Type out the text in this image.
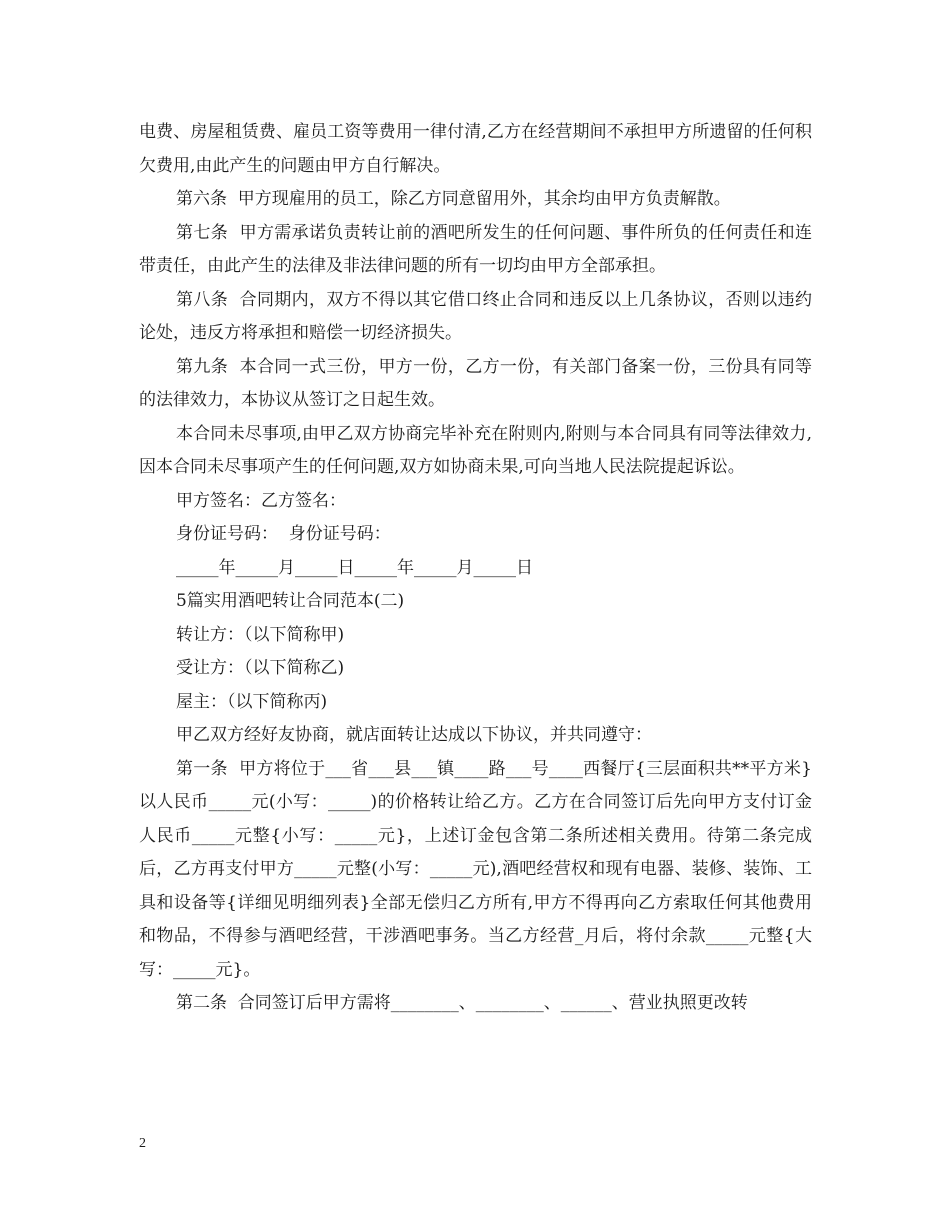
电费、房屋租赁费、雇员工资等费用一律付清,乙方在经营期间不承担甲方所遗留的任何积欠费用,由此产生的问题由甲方自行解决。

第六条  甲方现雇用的员工，除乙方同意留用外，其余均由甲方负责解散。

第七条  甲方需承诺负责转让前的酒吧所发生的任何问题、事件所负的任何责任和连带责任，由此产生的法律及非法律问题的所有一切均由甲方全部承担。

第八条  合同期内，双方不得以其它借口终止合同和违反以上几条协议，否则以违约论处，违反方将承担和赔偿一切经济损失。

第九条  本合同一式三份，甲方一份，乙方一份，有关部门备案一份，三份具有同等的法律效力，本协议从签订之日起生效。

本合同未尽事项,由甲乙双方协商完毕补充在附则内,附则与本合同具有同等法律效力,因本合同未尽事项产生的任何问题,双方如协商未果,可向当地人民法院提起诉讼。

甲方签名：乙方签名：

身份证号码：  身份证号码：

_____年_____月_____日_____年_____月_____日

5篇实用酒吧转让合同范本(二)

转让方：（以下简称甲)

受让方：（以下简称乙)

屋主：（以下简称丙)

甲乙双方经好友协商，就店面转让达成以下协议，并共同遵守：

第一条  甲方将位于___省___县___镇____路___号____西餐厅{三层面积共**平方米}以人民币_____元(小写：_____)的价格转让给乙方。乙方在合同签订后先向甲方支付订金人民币_____元整{小写：_____元}，上述订金包含第二条所述相关费用。待第二条完成后，乙方再支付甲方_____元整(小写：_____元),酒吧经营权和现有电器、装修、装饰、工具和设备等{详细见明细列表}全部无偿归乙方所有,甲方不得再向乙方索取任何其他费用和物品，不得参与酒吧经营，干涉酒吧事务。当乙方经营_月后，将付余款_____元整{大写：_____元}。

第二条  合同签订后甲方需将________、________、______、营业执照更改转

2
